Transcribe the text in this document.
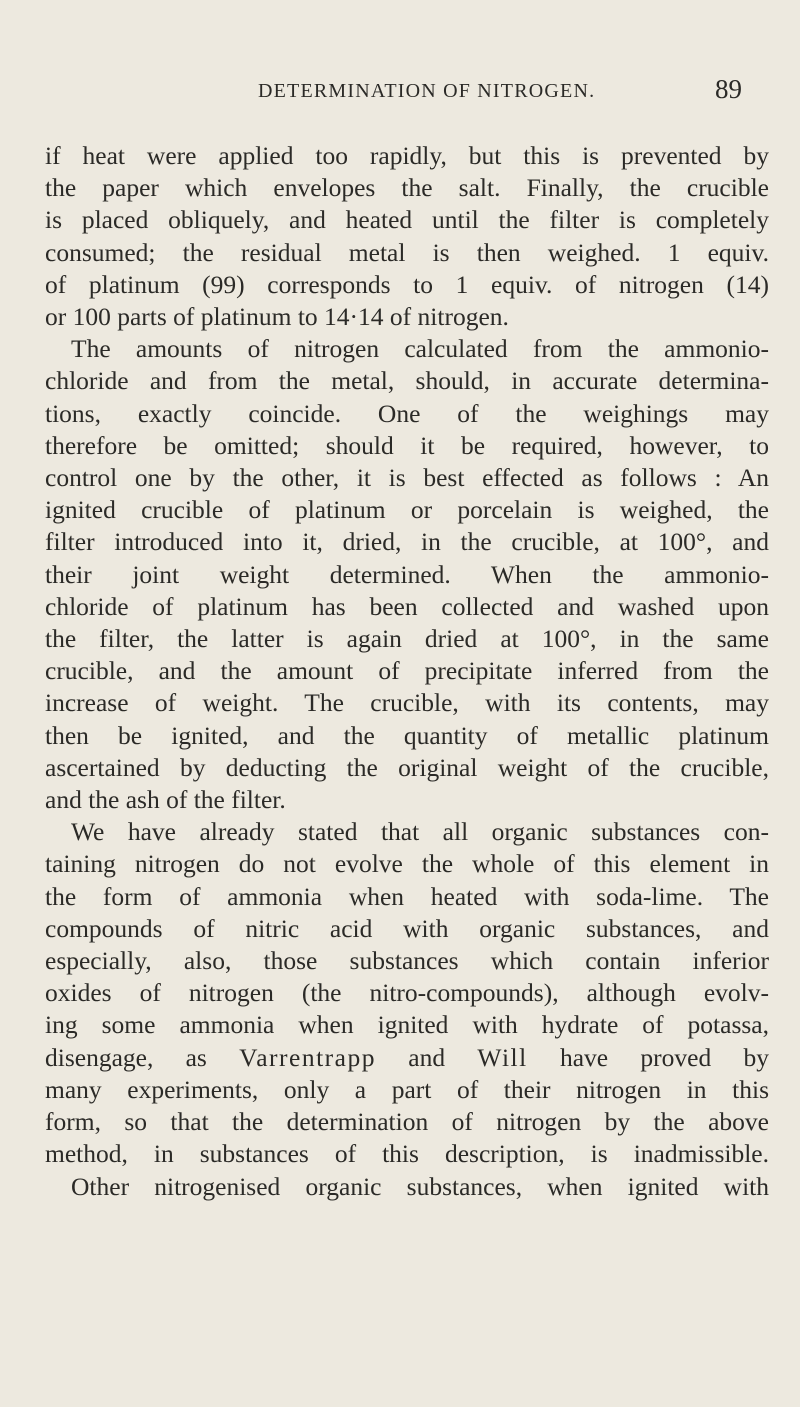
DETERMINATION OF NITROGEN.	89
if heat were applied too rapidly, but this is prevented by
the paper which envelopes the salt. Finally, the crucible
is placed obliquely, and heated until the filter is completely
consumed; the residual metal is then weighed. 1 equiv.
of platinum (99) corresponds to 1 equiv. of nitrogen (14)
or 100 parts of platinum to 14·14 of nitrogen.
The amounts of nitrogen calculated from the ammonio-
chloride and from the metal, should, in accurate determina-
tions, exactly coincide. One of the weighings may
therefore be omitted; should it be required, however, to
control one by the other, it is best effected as follows : An
ignited crucible of platinum or porcelain is weighed, the
filter introduced into it, dried, in the crucible, at 100°, and
their joint weight determined. When the ammonio-
chloride of platinum has been collected and washed upon
the filter, the latter is again dried at 100°, in the same
crucible, and the amount of precipitate inferred from the
increase of weight. The crucible, with its contents, may
then be ignited, and the quantity of metallic platinum
ascertained by deducting the original weight of the crucible,
and the ash of the filter.
We have already stated that all organic substances con-
taining nitrogen do not evolve the whole of this element in
the form of ammonia when heated with soda-lime. The
compounds of nitric acid with organic substances, and
especially, also, those substances which contain inferior
oxides of nitrogen (the nitro-compounds), although evolv-
ing some ammonia when ignited with hydrate of potassa,
disengage, as Varrentrapp and Will have proved by
many experiments, only a part of their nitrogen in this
form, so that the determination of nitrogen by the above
method, in substances of this description, is inadmissible.
Other nitrogenised organic substances, when ignited with
